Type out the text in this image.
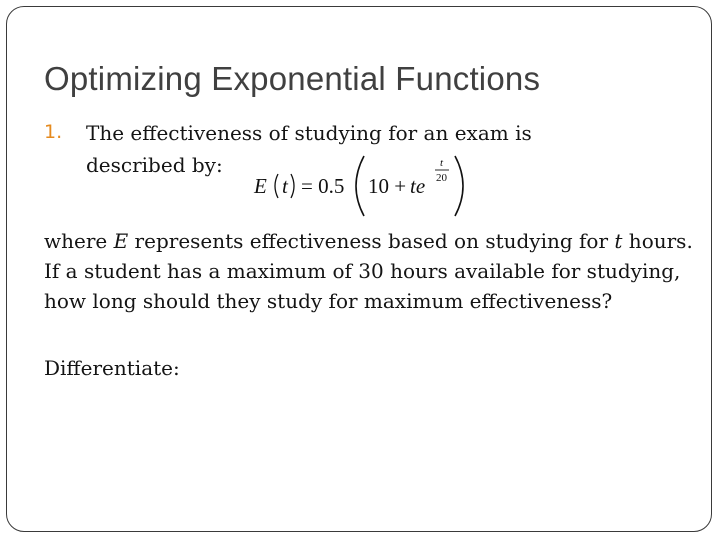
Optimizing Exponential Functions
1. The effectiveness of studying for an exam is
described by:
E t = 0.5 10 +
te
t
20

where E represents effectiveness based on studying for t hours. If a student has a maximum of 30 hours available for studying, how long should they study for maximum effectiveness?

Differentiate:
